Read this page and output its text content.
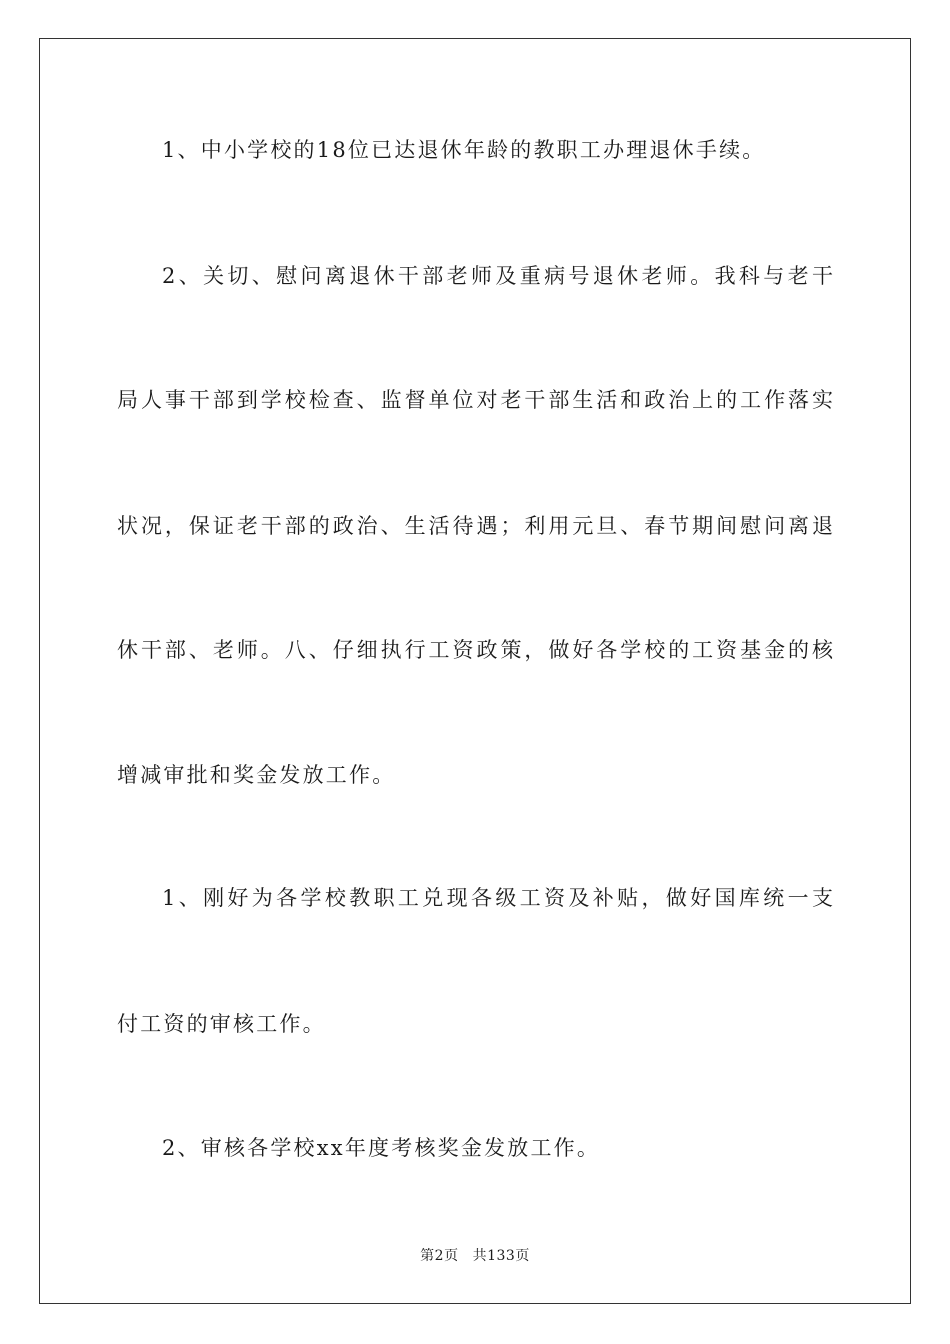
1、中小学校的18位已达退休年龄的教职工办理退休手续。
2、关切、慰问离退休干部老师及重病号退休老师。我科与老干
局人事干部到学校检查、监督单位对老干部生活和政治上的工作落实
状况，保证老干部的政治、生活待遇；利用元旦、春节期间慰问离退
休干部、老师。八、仔细执行工资政策，做好各学校的工资基金的核
增减审批和奖金发放工作。
1、刚好为各学校教职工兑现各级工资及补贴，做好国库统一支
付工资的审核工作。
2、审核各学校xx年度考核奖金发放工作。
第2页 共133页
